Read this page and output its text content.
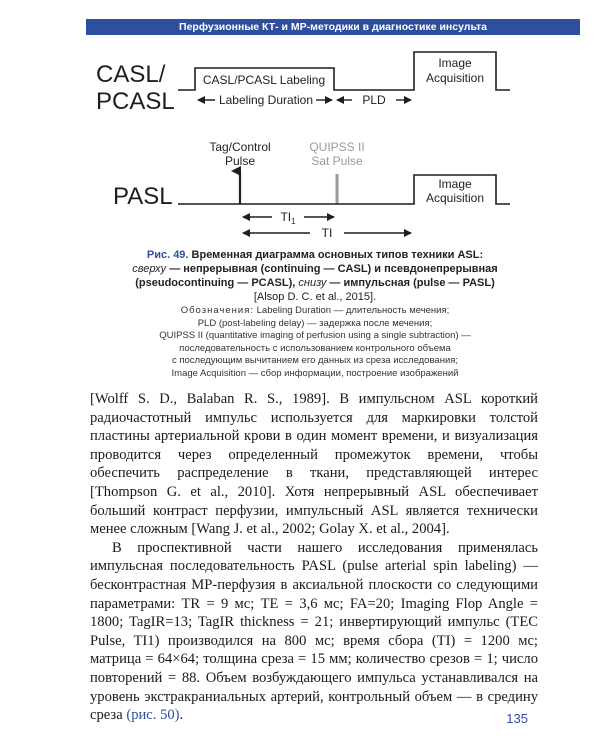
Перфузионные КТ- и МР-методики в диагностике инсульта
CASL/
PCASL
CASL/PCASL Labeling
Image
Acquisition
Labeling Duration	PLD
PASL
Tag/Control
Pulse
QUIPSS II
Sat Pulse
Image
Acquisition
$TI_1$
TI
Рис. 49. Временная диаграмма основных типов техники ASL:
сверху — непрерывная (continuing — CASL) и псевдонепрерывная
(pseudocontinuing — PCASL), снизу — импульсная (pulse — PASL)
[Alsop D. C. et al., 2015].
Обозначения: Labeling Duration — длительность мечения;
PLD (post-labeling delay) — задержка после мечения;
QUIPSS II (quantitative imaging of perfusion using a single subtraction) —
последовательность с использованием контрольного объема
с последующим вычитанием его данных из среза исследования;
Image Acquisition — сбор информации, построение изображений

[Wolff S. D., Balaban R. S., 1989]. В импульсном ASL короткий радиочастотный импульс используется для маркировки толстой пластины артериальной крови в один момент времени, и визуализация проводится через определенный промежуток времени, чтобы обеспечить распределение в ткани, представляющей интерес [Thompson G. et al., 2010]. Хотя непрерывный ASL обеспечивает больший контраст перфузии, импульсный ASL является технически менее сложным [Wang J. et al., 2002; Golay X. et al., 2004].

В проспективной части нашего исследования применялась импульсная последовательность PASL (pulse arterial spin labeling) — бесконтрастная МР-перфузия в аксиальной плоскости со следующими параметрами: TR = 9 мс; TE = 3,6 мс; FA=20; Imaging Flop Angle = 1800; TagIR=13; TagIR thickness = 21; инвертирующий импульс (TEC Pulse, TI1) производился на 800 мс; время сбора (TI) = 1200 мс; матрица = 64×64; толщина среза = 15 мм; количество срезов = 1; число повторений = 88. Объем возбуждающего импульса устанавливался на уровень экстракраниальных артерий, контрольный объем — в средину среза (рис. 50).	135
